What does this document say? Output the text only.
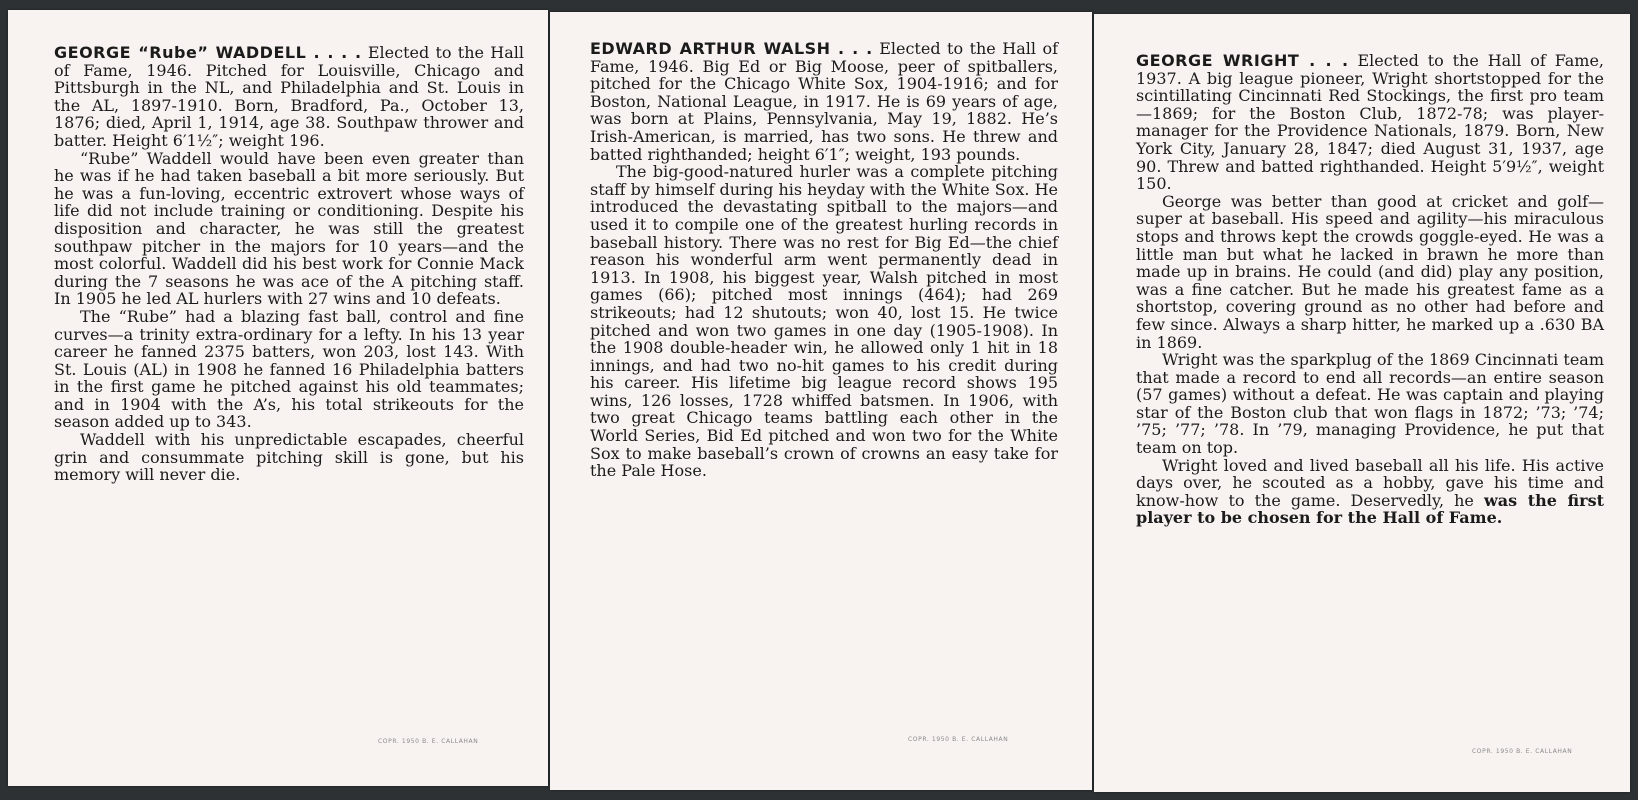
GEORGE “Rube” WADDELL . . . . Elected to the Hall of Fame, 1946. Pitched for Louisville, Chicago and Pittsburgh in the NL, and Philadelphia and St. Louis in the AL, 1897-1910. Born, Bradford, Pa., October 13, 1876; died, April 1, 1914, age 38. Southpaw thrower and batter. Height 6′1½″; weight 196.

“Rube” Waddell would have been even greater than he was if he had taken baseball a bit more seriously. But he was a fun-loving, eccentric extrovert whose ways of life did not include training or conditioning. Despite his disposition and character, he was still the greatest southpaw pitcher in the majors for 10 years—and the most colorful. Waddell did his best work for Connie Mack during the 7 seasons he was ace of the A pitching staff. In 1905 he led AL hurlers with 27 wins and 10 defeats.

The “Rube” had a blazing fast ball, control and fine curves—a trinity extra-ordinary for a lefty. In his 13 year career he fanned 2375 batters, won 203, lost 143. With St. Louis (AL) in 1908 he fanned 16 Philadelphia batters in the first game he pitched against his old teammates; and in 1904 with the A’s, his total strikeouts for the season added up to 343.

Waddell with his unpredictable escapades, cheerful grin and consummate pitching skill is gone, but his memory will never die.

COPR. 1950 B. E. CALLAHAN

EDWARD ARTHUR WALSH . . . Elected to the Hall of Fame, 1946. Big Ed or Big Moose, peer of spitballers, pitched for the Chicago White Sox, 1904-1916; and for Boston, National League, in 1917. He is 69 years of age, was born at Plains, Pennsylvania, May 19, 1882. He’s Irish-American, is married, has two sons. He threw and batted righthanded; height 6′1″; weight, 193 pounds.

The big-good-natured hurler was a complete pitching staff by himself during his heyday with the White Sox. He introduced the devastating spitball to the majors—and used it to compile one of the greatest hurling records in baseball history. There was no rest for Big Ed—the chief reason his wonderful arm went permanently dead in 1913. In 1908, his biggest year, Walsh pitched in most games (66); pitched most innings (464); had 269 strikeouts; had 12 shutouts; won 40, lost 15. He twice pitched and won two games in one day (1905-1908). In the 1908 double-header win, he allowed only 1 hit in 18 innings, and had two no-hit games to his credit during his career. His lifetime big league record shows 195 wins, 126 losses, 1728 whiffed batsmen. In 1906, with two great Chicago teams battling each other in the World Series, Bid Ed pitched and won two for the White Sox to make baseball’s crown of crowns an easy take for the Pale Hose.

COPR. 1950 B. E. CALLAHAN

GEORGE WRIGHT . . . Elected to the Hall of Fame, 1937. A big league pioneer, Wright shortstopped for the scintillating Cincinnati Red Stockings, the first pro team—1869; for the Boston Club, 1872-78; was player-manager for the Providence Nationals, 1879. Born, New York City, January 28, 1847; died August 31, 1937, age 90. Threw and batted righthanded. Height 5′9½″, weight 150.

George was better than good at cricket and golf—super at baseball. His speed and agility—his miraculous stops and throws kept the crowds goggle-eyed. He was a little man but what he lacked in brawn he more than made up in brains. He could (and did) play any position, was a fine catcher. But he made his greatest fame as a shortstop, covering ground as no other had before and few since. Always a sharp hitter, he marked up a .630 BA in 1869.

Wright was the sparkplug of the 1869 Cincinnati team that made a record to end all records—an entire season (57 games) without a defeat. He was captain and playing star of the Boston club that won flags in 1872; ’73; ’74; ’75; ’77; ’78. In ’79, managing Providence, he put that team on top.

Wright loved and lived baseball all his life. His active days over, he scouted as a hobby, gave his time and know-how to the game. Deservedly, he was the first player to be chosen for the Hall of Fame.

COPR. 1950 B. E. CALLAHAN
